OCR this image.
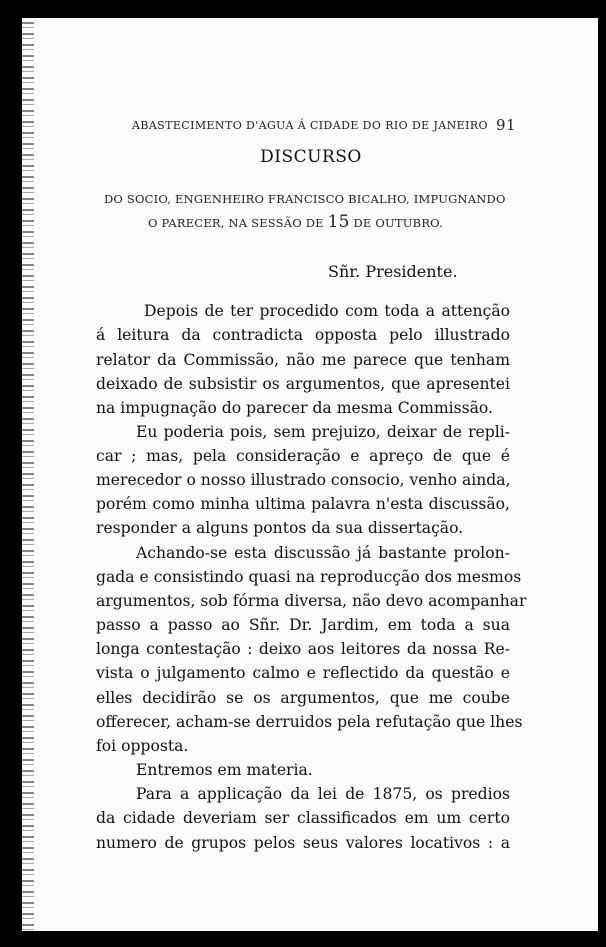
ABASTECIMENTO D'AGUA Á CIDADE DO RIO DE JANEIRO 91
DISCURSO
DO SOCIO, ENGENHEIRO FRANCISCO BICALHO, IMPUGNANDO
O PARECER, NA SESSÃO DE 15 DE OUTUBRO.
Sñr. Presidente.
Depois de ter procedido com toda a attenção
á leitura da contradicta opposta pelo illustrado
relator da Commissão, não me parece que tenham
deixado de subsistir os argumentos, que apresentei
na impugnação do parecer da mesma Commissão.
Eu poderia pois, sem prejuizo, deixar de repli-
car ; mas, pela consideração e apreço de que é
merecedor o nosso illustrado consocio, venho ainda,
porém como minha ultima palavra n'esta discussão,
responder a alguns pontos da sua dissertação.
Achando-se esta discussão já bastante prolon-
gada e consistindo quasi na reproducção dos mesmos
argumentos, sob fórma diversa, não devo acompanhar
passo a passo ao Sñr. Dr. Jardim, em toda a sua
longa contestação : deixo aos leitores da nossa Re-
vista o julgamento calmo e reflectido da questão e
elles decidirão se os argumentos, que me coube
offerecer, acham-se derruidos pela refutação que lhes
foi opposta.
Entremos em materia.
Para a applicação da lei de 1875, os predios
da cidade deveriam ser classificados em um certo
numero de grupos pelos seus valores locativos : a
